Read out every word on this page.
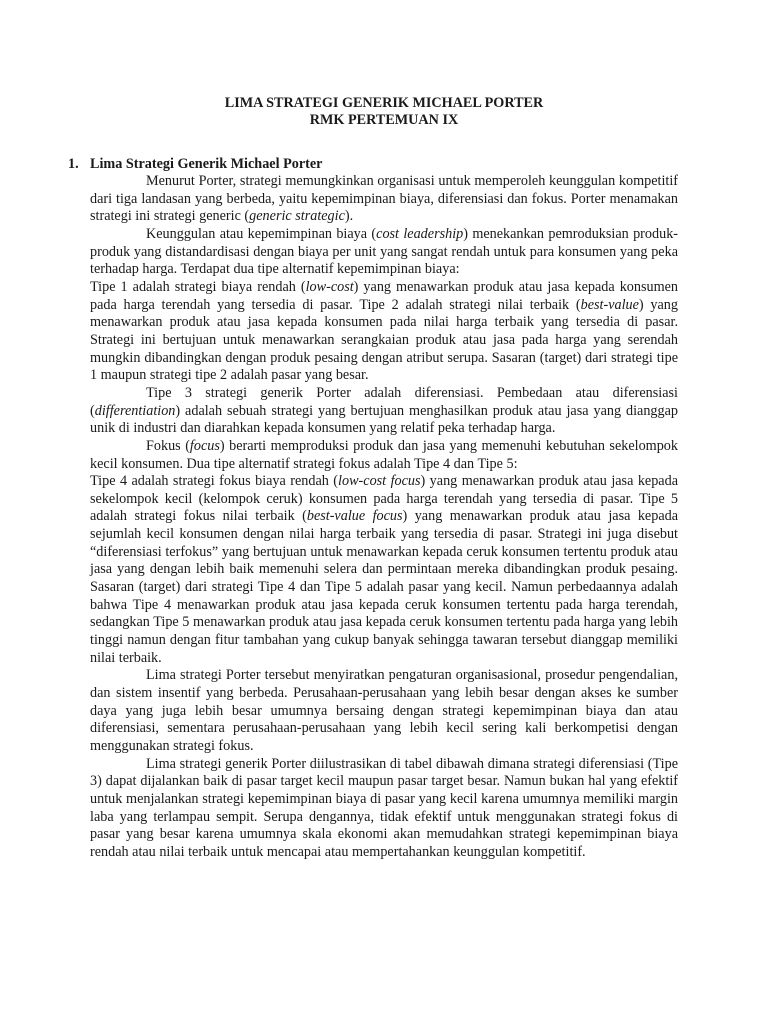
LIMA STRATEGI GENERIK MICHAEL PORTER

RMK PERTEMUAN IX

1. Lima Strategi Generik Michael Porter

Menurut Porter, strategi memungkinkan organisasi untuk memperoleh keunggulan kompetitif dari tiga landasan yang berbeda, yaitu kepemimpinan biaya, diferensiasi dan fokus. Porter menamakan strategi ini strategi generic (generic strategic).

Keunggulan atau kepemimpinan biaya (cost leadership) menekankan pemroduksian produk-produk yang distandardisasi dengan biaya per unit yang sangat rendah untuk para konsumen yang peka terhadap harga. Terdapat dua tipe alternatif kepemimpinan biaya:

Tipe 1 adalah strategi biaya rendah (low-cost) yang menawarkan produk atau jasa kepada konsumen pada harga terendah yang tersedia di pasar. Tipe 2 adalah strategi nilai terbaik (best-value) yang menawarkan produk atau jasa kepada konsumen pada nilai harga terbaik yang tersedia di pasar. Strategi ini bertujuan untuk menawarkan serangkaian produk atau jasa pada harga yang serendah mungkin dibandingkan dengan produk pesaing dengan atribut serupa. Sasaran (target) dari strategi tipe 1 maupun strategi tipe 2 adalah pasar yang besar.

Tipe 3 strategi generik Porter adalah diferensiasi. Pembedaan atau diferensiasi (differentiation) adalah sebuah strategi yang bertujuan menghasilkan produk atau jasa yang dianggap unik di industri dan diarahkan kepada konsumen yang relatif peka terhadap harga.

Fokus (focus) berarti memproduksi produk dan jasa yang memenuhi kebutuhan sekelompok kecil konsumen. Dua tipe alternatif strategi fokus adalah Tipe 4 dan Tipe 5:

Tipe 4 adalah strategi fokus biaya rendah (low-cost focus) yang menawarkan produk atau jasa kepada sekelompok kecil (kelompok ceruk) konsumen pada harga terendah yang tersedia di pasar. Tipe 5 adalah strategi fokus nilai terbaik (best-value focus) yang menawarkan produk atau jasa kepada sejumlah kecil konsumen dengan nilai harga terbaik yang tersedia di pasar. Strategi ini juga disebut “diferensiasi terfokus” yang bertujuan untuk menawarkan kepada ceruk konsumen tertentu produk atau jasa yang dengan lebih baik memenuhi selera dan permintaan mereka dibandingkan produk pesaing. Sasaran (target) dari strategi Tipe 4 dan Tipe 5 adalah pasar yang kecil. Namun perbedaannya adalah bahwa Tipe 4 menawarkan produk atau jasa kepada ceruk konsumen tertentu pada harga terendah, sedangkan Tipe 5 menawarkan produk atau jasa kepada ceruk konsumen tertentu pada harga yang lebih tinggi namun dengan fitur tambahan yang cukup banyak sehingga tawaran tersebut dianggap memiliki nilai terbaik.

Lima strategi Porter tersebut menyiratkan pengaturan organisasional, prosedur pengendalian, dan sistem insentif yang berbeda. Perusahaan-perusahaan yang lebih besar dengan akses ke sumber daya yang juga lebih besar umumnya bersaing dengan strategi kepemimpinan biaya dan atau diferensiasi, sementara perusahaan-perusahaan yang lebih kecil sering kali berkompetisi dengan menggunakan strategi fokus.

Lima strategi generik Porter diilustrasikan di tabel dibawah dimana strategi diferensiasi (Tipe 3) dapat dijalankan baik di pasar target kecil maupun pasar target besar. Namun bukan hal yang efektif untuk menjalankan strategi kepemimpinan biaya di pasar yang kecil karena umumnya memiliki margin laba yang terlampau sempit. Serupa dengannya, tidak efektif untuk menggunakan strategi fokus di pasar yang besar karena umumnya skala ekonomi akan memudahkan strategi kepemimpinan biaya rendah atau nilai terbaik untuk mencapai atau mempertahankan keunggulan kompetitif.
